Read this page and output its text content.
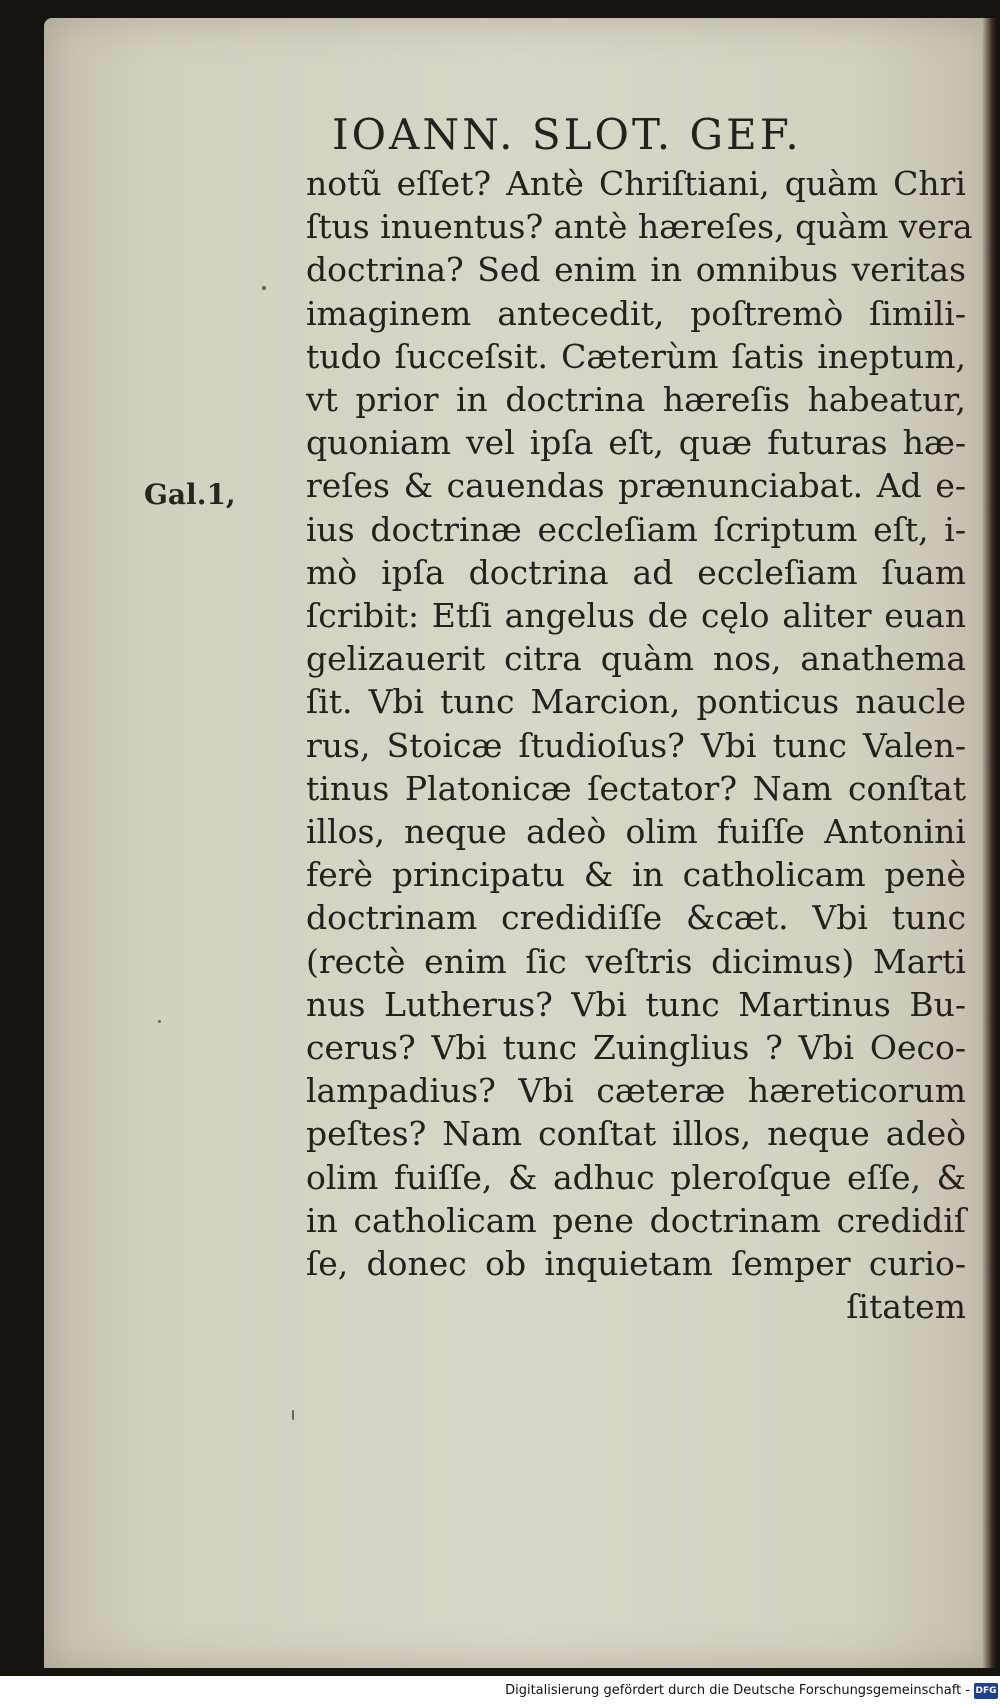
IOANN. SLOT. GEF.
Gal.1,
notũ eſſet? Antè Chriſtiani, quàm Chri
ſtus inuentus? antè hæreſes, quàm vera
doctrina? Sed enim in omnibus veritas
imaginem antecedit, poſtremò ſimili-
tudo ſucceſsit. Cæterùm ſatis ineptum,
vt prior in doctrina hæreſis habeatur,
quoniam vel ipſa eſt, quæ futuras hæ-
reſes & cauendas prænunciabat. Ad e-
ius doctrinæ eccleſiam ſcriptum eſt, i-
mò ipſa doctrina ad eccleſiam ſuam
ſcribit: Etſi angelus de cęlo aliter euan
gelizauerit citra quàm nos, anathema
ſit. Vbi tunc Marcion, ponticus naucle
rus, Stoicæ ſtudioſus? Vbi tunc Valen-
tinus Platonicæ ſectator? Nam conſtat
illos, neque adeò olim fuiſſe Antonini
ferè principatu & in catholicam penè
doctrinam credidiſſe &cæt. Vbi tunc
(rectè enim ſic veſtris dicimus) Marti
nus Lutherus? Vbi tunc Martinus Bu-
cerus? Vbi tunc Zuinglius ? Vbi Oeco-
lampadius? Vbi cæteræ hæreticorum
peſtes? Nam conſtat illos, neque adeò
olim fuiſſe, & adhuc pleroſque eſſe, &
in catholicam pene doctrinam credidiſ
ſe, donec ob inquietam ſemper curio-
ſitatem
Digitalisierung gefördert durch die Deutsche Forschungsgemeinschaft - DFG
